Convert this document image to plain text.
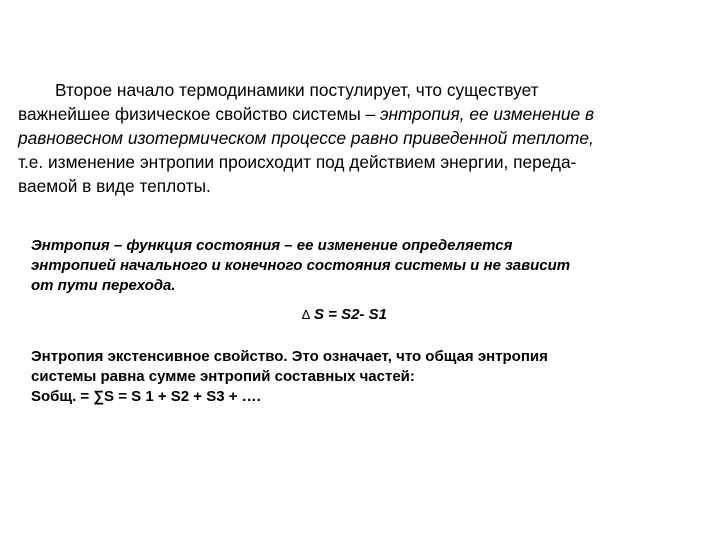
Второе начало термодинамики постулирует, что существует
важнейшее физическое свойство системы – энтропия, ее изменение в
равновесном изотермическом процессе равно приведенной теплоте,
т.е. изменение энтропии происходит под действием энергии, переда-
ваемой в виде теплоты.

Энтропия – функция состояния – ее изменение определяется
энтропией начального и конечного состояния системы и не зависит
от пути перехода.
∆ S = S2- S1
Энтропия экстенсивное свойство. Это означает, что общая энтропия
системы равна сумме энтропий составных частей:
Sобщ. = ∑S = S 1 + S2 + S3 + ….
